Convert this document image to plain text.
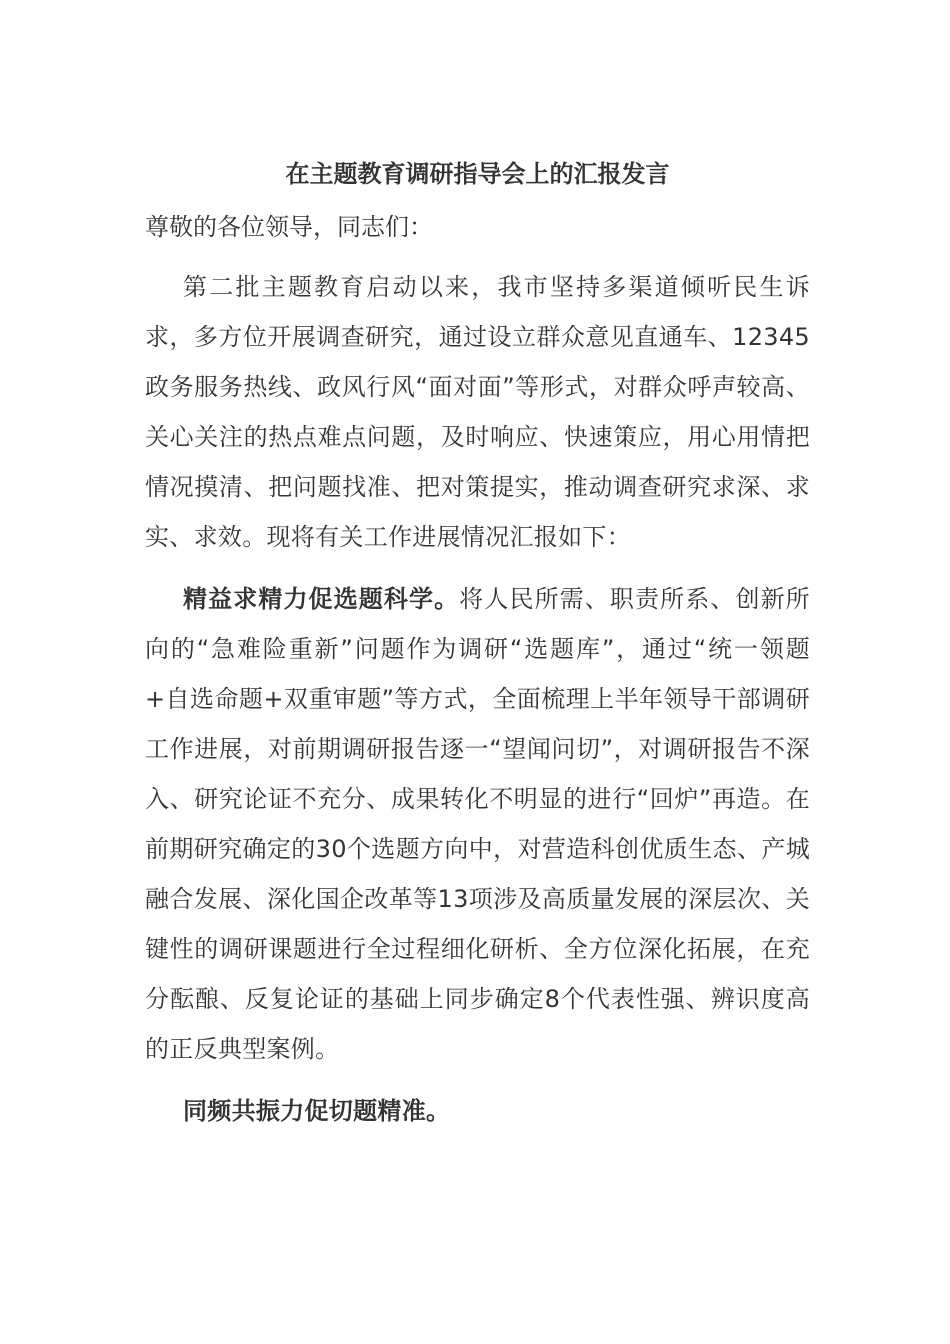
在主题教育调研指导会上的汇报发言

尊敬的各位领导，同志们：

第二批主题教育启动以来，我市坚持多渠道倾听民生诉求，多方位开展调查研究，通过设立群众意见直通车、12345政务服务热线、政风行风“面对面”等形式，对群众呼声较高、关心关注的热点难点问题，及时响应、快速策应，用心用情把情况摸清、把问题找准、把对策提实，推动调查研究求深、求实、求效。现将有关工作进展情况汇报如下：

精益求精力促选题科学。将人民所需、职责所系、创新所向的“急难险重新”问题作为调研“选题库”，通过“统一领题+自选命题+双重审题”等方式，全面梳理上半年领导干部调研工作进展，对前期调研报告逐一“望闻问切”，对调研报告不深入、研究论证不充分、成果转化不明显的进行“回炉”再造。在前期研究确定的30个选题方向中，对营造科创优质生态、产城融合发展、深化国企改革等13项涉及高质量发展的深层次、关键性的调研课题进行全过程细化研析、全方位深化拓展，在充分酝酿、反复论证的基础上同步确定8个代表性强、辨识度高的正反典型案例。

同频共振力促切题精准。
